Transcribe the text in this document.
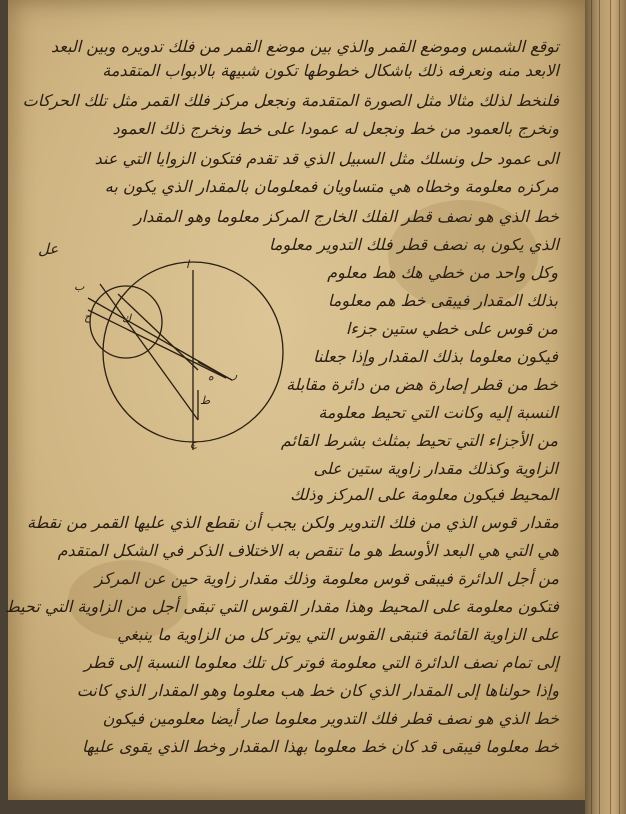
توقع الشمس وموضع القمر والذي بين موضع القمر من فلك تدويره وبين البعد
الابعد منه ونعرفه ذلك باشكال خطوطها تكون شبيهة بالابواب المتقدمة
فلنخط لذلك مثالا مثل الصورة المتقدمة ونجعل مركز فلك القمر مثل تلك الحركات
ونخرج بالعمود من خط ونجعل له عمودا على خط ونخرج ذلك العمود
الى عمود حل ونسلك مثل السبيل الذي قد تقدم فتكون الزوايا التي عند
مركزه معلومة وخطاه هي متساويان فمعلومان بالمقدار الذي يكون به
خط الذي هو نصف قطر الفلك الخارج المركز معلوما وهو المقدار
الذي يكون به نصف قطر فلك التدوير معلوما
عل
وكل واحد من خطي هك هط معلوم
بذلك المقدار فيبقى خط هم معلوما
من قوس على خطي ستين جزءا
فيكون معلوما بذلك المقدار وإذا جعلنا
خط من قطر إصارة هض من دائرة مقابلة
النسبة إليه وكانت التي تحيط معلومة
من الأجزاء التي تحيط بمثلث بشرط القائم
الزاوية وكذلك مقدار زاوية ستين على
المحيط فيكون معلومة على المركز وذلك
مقدار قوس الذي من فلك التدوير ولكن يجب أن نقطع الذي عليها القمر من نقطة
هي التي هي البعد الأوسط هو ما تنقص به الاختلاف الذكر في الشكل المتقدم
من أجل الدائرة فيبقى قوس معلومة وذلك مقدار زاوية حين عن المركز
فتكون معلومة على المحيط وهذا مقدار القوس التي تبقى أجل من الزاوية التي تحيط
على الزاوية القائمة فتبقى القوس التي يوتر كل من الزاوية ما ينبغي
إلى تمام نصف الدائرة التي معلومة فوتر كل تلك معلوما النسبة إلى قطر
وإذا حولناها إلى المقدار الذي كان خط هب معلوما وهو المقدار الذي كانت
خط الذي هو نصف قطر فلك التدوير معلوما صار أيضا معلومين فيكون
خط معلوما فيبقى قد كان خط معلوما بهذا المقدار وخط الذي يقوى عليها
ا
ب
ح	ك
ه
ط
ج
ر
